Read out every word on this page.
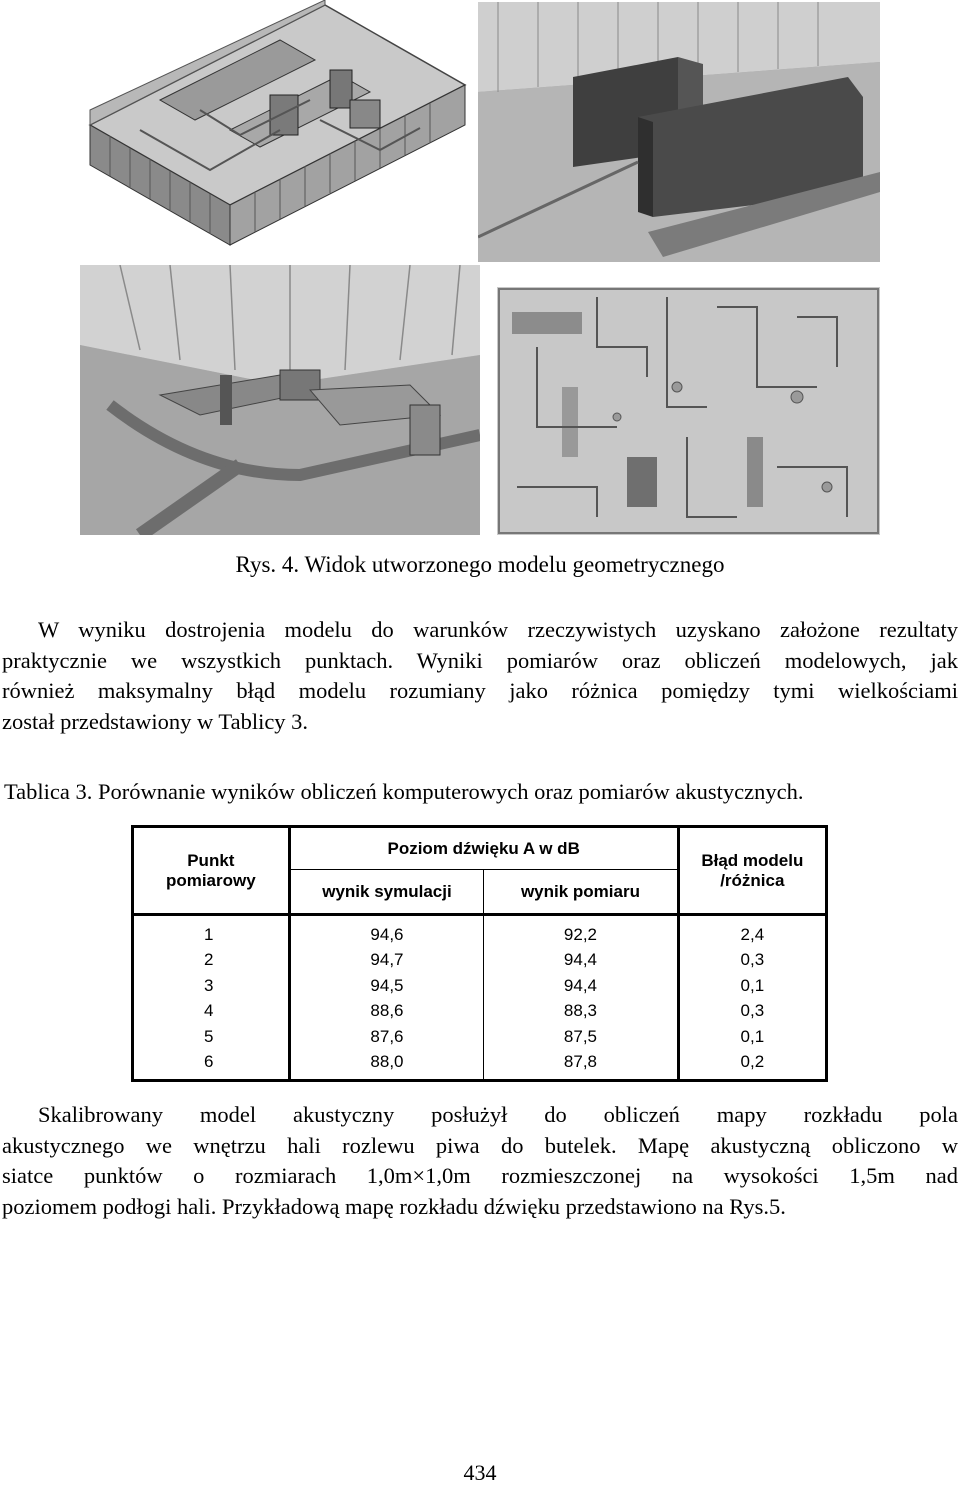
Rys. 4. Widok utworzonego modelu geometrycznego
W wyniku dostrojenia modelu do warunków rzeczywistych uzyskano założone rezultaty
praktycznie we wszystkich punktach. Wyniki pomiarów oraz obliczeń modelowych, jak
również maksymalny błąd modelu rozumiany jako różnica pomiędzy tymi wielkościami
został przedstawiony w Tablicy 3.
Tablica 3. Porównanie wyników obliczeń komputerowych oraz pomiarów akustycznych.
Punkt
pomiarowy	Poziom dźwięku A w dB		Błąd modelu
/różnica
	wynik symulacji	wynik pomiaru	
1	94,6	92,2	2,4
2	94,7	94,4	0,3
3	94,5	94,4	0,1
4	88,6	88,3	0,3
5	87,6	87,5	0,1
6	88,0	87,8	0,2
Skalibrowany model akustyczny posłużył do obliczeń mapy rozkładu pola
akustycznego we wnętrzu hali rozlewu piwa do butelek. Mapę akustyczną obliczono w
siatce punktów o rozmiarach 1,0m×1,0m rozmieszczonej na wysokości 1,5m nad
poziomem podłogi hali. Przykładową mapę rozkładu dźwięku przedstawiono na Rys.5.
434
